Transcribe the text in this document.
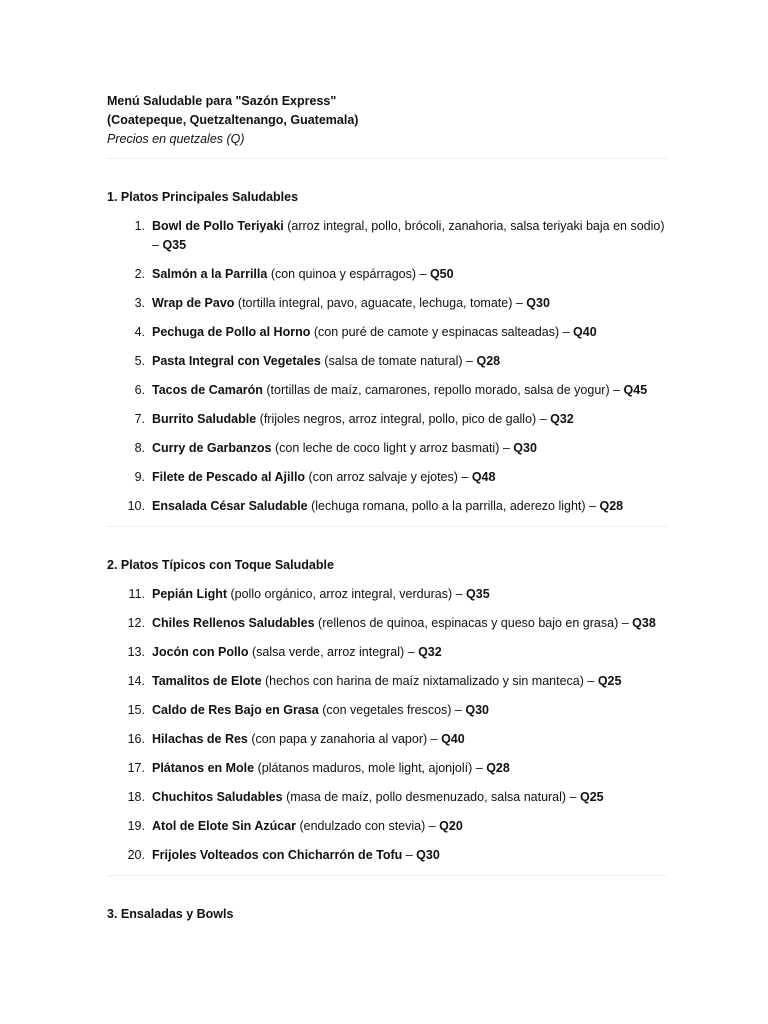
Menú Saludable para "Sazón Express"
(Coatepeque, Quetzaltenango, Guatemala)
Precios en quetzales (Q)
1. Platos Principales Saludables
1. Bowl de Pollo Teriyaki (arroz integral, pollo, brócoli, zanahoria, salsa teriyaki baja en sodio) – Q35
2. Salmón a la Parrilla (con quinoa y espárragos) – Q50
3. Wrap de Pavo (tortilla integral, pavo, aguacate, lechuga, tomate) – Q30
4. Pechuga de Pollo al Horno (con puré de camote y espinacas salteadas) – Q40
5. Pasta Integral con Vegetales (salsa de tomate natural) – Q28
6. Tacos de Camarón (tortillas de maíz, camarones, repollo morado, salsa de yogur) – Q45
7. Burrito Saludable (frijoles negros, arroz integral, pollo, pico de gallo) – Q32
8. Curry de Garbanzos (con leche de coco light y arroz basmati) – Q30
9. Filete de Pescado al Ajillo (con arroz salvaje y ejotes) – Q48
10. Ensalada César Saludable (lechuga romana, pollo a la parrilla, aderezo light) – Q28
2. Platos Típicos con Toque Saludable
11. Pepián Light (pollo orgánico, arroz integral, verduras) – Q35
12. Chiles Rellenos Saludables (rellenos de quinoa, espinacas y queso bajo en grasa) – Q38
13. Jocón con Pollo (salsa verde, arroz integral) – Q32
14. Tamalitos de Elote (hechos con harina de maíz nixtamalizado y sin manteca) – Q25
15. Caldo de Res Bajo en Grasa (con vegetales frescos) – Q30
16. Hilachas de Res (con papa y zanahoria al vapor) – Q40
17. Plátanos en Mole (plátanos maduros, mole light, ajonjolí) – Q28
18. Chuchitos Saludables (masa de maíz, pollo desmenuzado, salsa natural) – Q25
19. Atol de Elote Sin Azúcar (endulzado con stevia) – Q20
20. Frijoles Volteados con Chicharrón de Tofu – Q30
3. Ensaladas y Bowls
